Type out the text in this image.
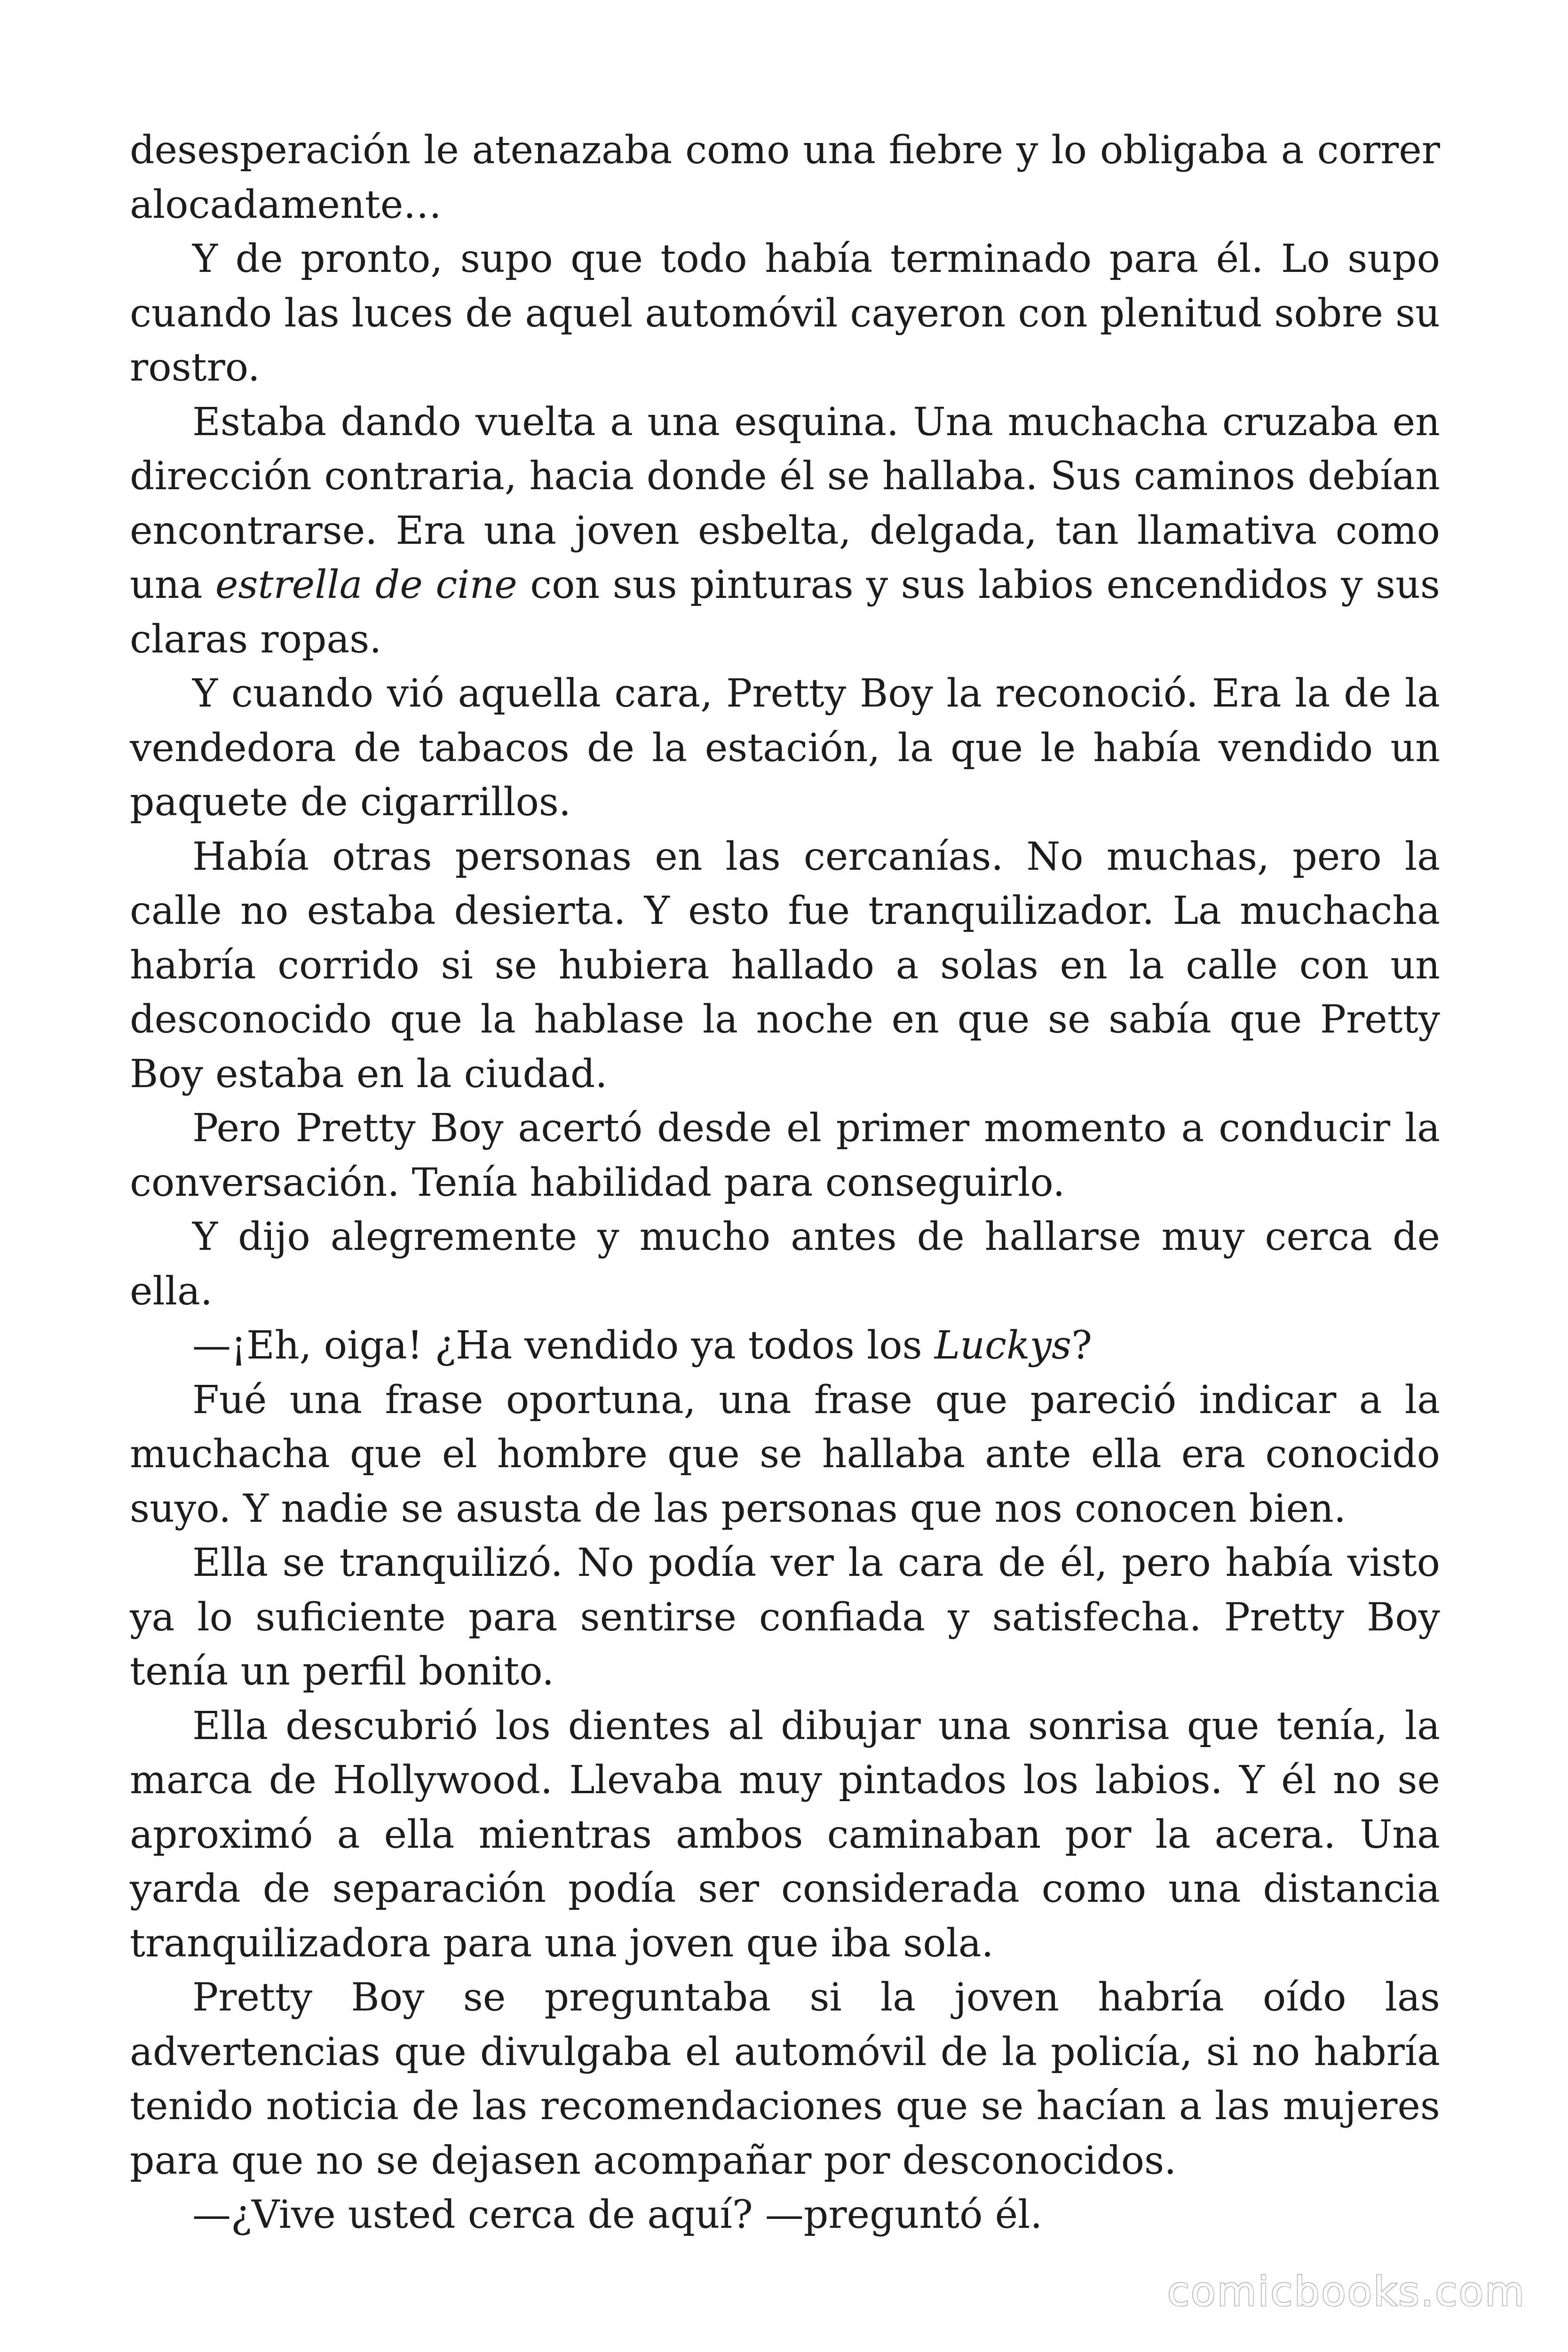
desesperación le atenazaba como una fiebre y lo obligaba a correr alocadamente…

Y de pronto, supo que todo había terminado para él. Lo supo cuando las luces de aquel automóvil cayeron con plenitud sobre su rostro.

Estaba dando vuelta a una esquina. Una muchacha cruzaba en dirección contraria, hacia donde él se hallaba. Sus caminos debían encontrarse. Era una joven esbelta, delgada, tan llamativa como una estrella de cine con sus pinturas y sus labios encendidos y sus claras ropas.

Y cuando vió aquella cara, Pretty Boy la reconoció. Era la de la vendedora de tabacos de la estación, la que le había vendido un paquete de cigarrillos.

Había otras personas en las cercanías. No muchas, pero la calle no estaba desierta. Y esto fue tranquilizador. La muchacha habría corrido si se hubiera hallado a solas en la calle con un desconocido que la hablase la noche en que se sabía que Pretty Boy estaba en la ciudad.

Pero Pretty Boy acertó desde el primer momento a conducir la conversación. Tenía habilidad para conseguirlo.

Y dijo alegremente y mucho antes de hallarse muy cerca de ella.

—¡Eh, oiga! ¿Ha vendido ya todos los Luckys?

Fué una frase oportuna, una frase que pareció indicar a la muchacha que el hombre que se hallaba ante ella era conocido suyo. Y nadie se asusta de las personas que nos conocen bien.

Ella se tranquilizó. No podía ver la cara de él, pero había visto ya lo suficiente para sentirse confiada y satisfecha. Pretty Boy tenía un perfil bonito.

Ella descubrió los dientes al dibujar una sonrisa que tenía, la marca de Hollywood. Llevaba muy pintados los labios. Y él no se aproximó a ella mientras ambos caminaban por la acera. Una yarda de separación podía ser considerada como una distancia tranquilizadora para una joven que iba sola.

Pretty Boy se preguntaba si la joven habría oído las advertencias que divulgaba el automóvil de la policía, si no habría tenido noticia de las recomendaciones que se hacían a las mujeres para que no se dejasen acompañar por desconocidos.

—¿Vive usted cerca de aquí? —preguntó él.

comicbooks.com
